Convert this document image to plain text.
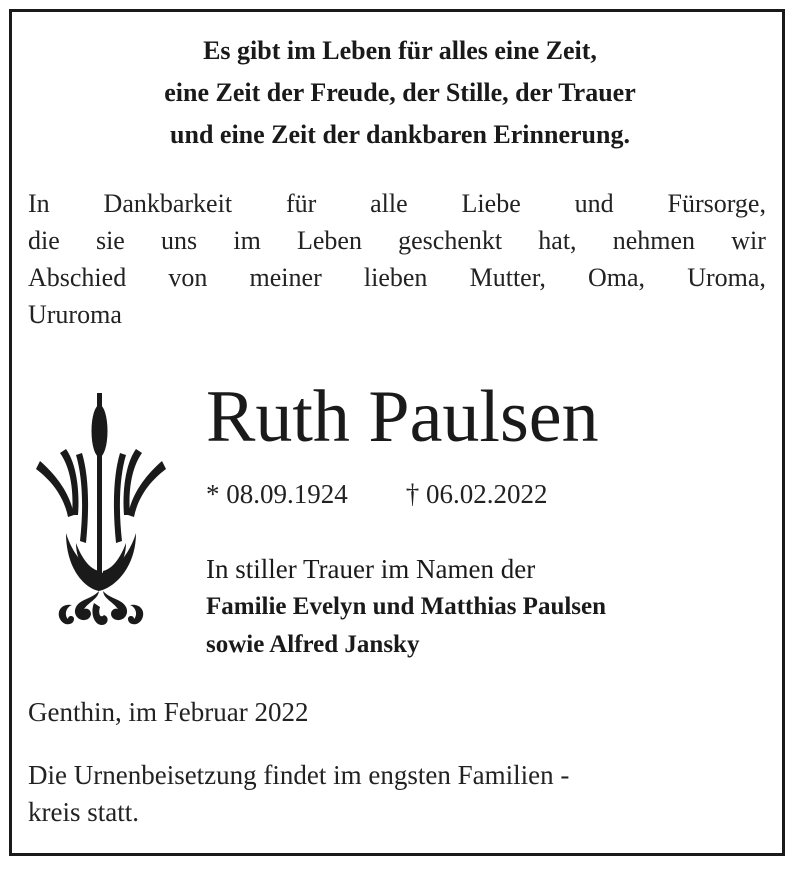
Es gibt im Leben für alles eine Zeit,
eine Zeit der Freude, der Stille, der Trauer
und eine Zeit der dankbaren Erinnerung.
In Dankbarkeit für alle Liebe und Fürsorge,
die sie uns im Leben geschenkt hat, nehmen wir
Abschied von meiner lieben Mutter, Oma, Uroma,
Ururoma
Ruth Paulsen
* 08.09.1924 † 06.02.2022
In stiller Trauer im Namen der
Familie Evelyn und Matthias Paulsen
sowie Alfred Jansky
Genthin, im Februar 2022
Die Urnenbeisetzung findet im engsten Familien -
kreis statt.
